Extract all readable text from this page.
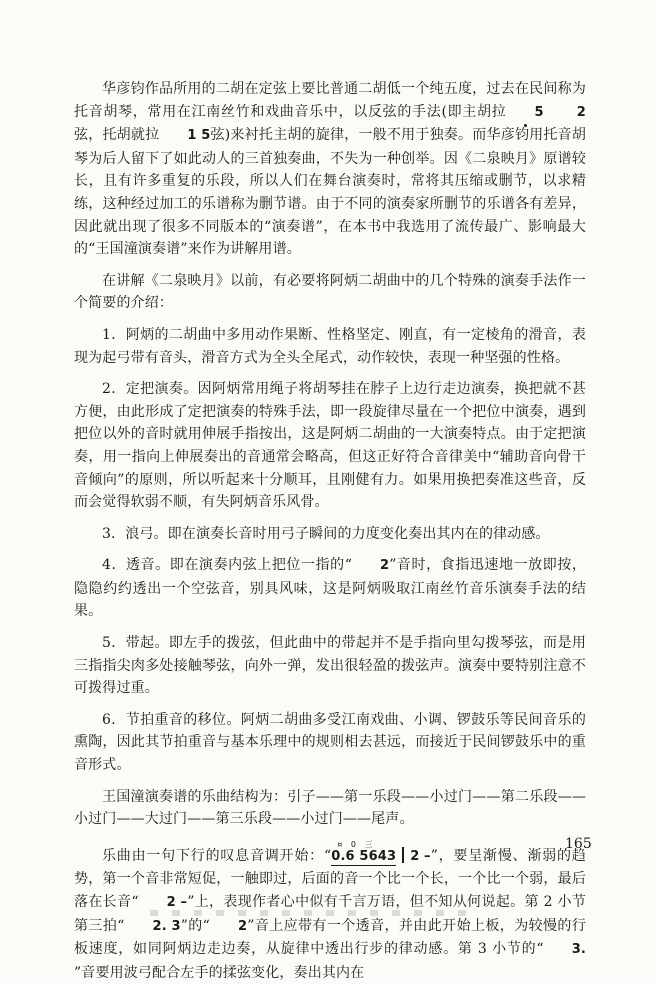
华彦钧作品所用的二胡在定弦上要比普通二胡低一个纯五度，过去在民间称为托音胡琴，常用在江南丝竹和戏曲音乐中，以反弦的手法(即主胡拉 5	2弦，托胡就拉 1 5弦)来衬托主胡的旋律，一般不用于独奏。而华彦钧用托音胡琴为后人留下了如此动人的三首独奏曲，不失为一种创举。因《二泉映月》原谱较长，且有许多重复的乐段，所以人们在舞台演奏时，常将其压缩或删节，以求精练，这种经过加工的乐谱称为删节谱。由于不同的演奏家所删节的乐谱各有差异，因此就出现了很多不同版本的“演奏谱”，在本书中我选用了流传最广、影响最大的“王国潼演奏谱”来作为讲解用谱。

在讲解《二泉映月》以前，有必要将阿炳二胡曲中的几个特殊的演奏手法作一个简要的介绍：

1．阿炳的二胡曲中多用动作果断、性格坚定、刚直，有一定棱角的滑音，表现为起弓带有音头，滑音方式为全头全尾式，动作较快，表现一种坚强的性格。

2．定把演奏。因阿炳常用绳子将胡琴挂在脖子上边行走边演奏，换把就不甚方便，由此形成了定把演奏的特殊手法，即一段旋律尽量在一个把位中演奏，遇到把位以外的音时就用伸展手指按出，这是阿炳二胡曲的一大演奏特点。由于定把演奏，用一指向上伸展奏出的音通常会略高，但这正好符合音律美中“辅助音向骨干音倾向”的原则，所以听起来十分顺耳，且刚健有力。如果用换把奏准这些音，反而会觉得软弱不顺，有失阿炳音乐风骨。

3．浪弓。即在演奏长音时用弓子瞬间的力度变化奏出其内在的律动感。

4．透音。即在演奏内弦上把位一指的“ 2”音时，食指迅速地一放即按，隐隐约约透出一个空弦音，别具风味，这是阿炳吸取江南丝竹音乐演奏手法的结果。

5．带起。即左手的拨弦，但此曲中的带起并不是手指向里勾拨琴弦，而是用三指指尖肉多处接触琴弦，向外一弹，发出很轻盈的拨弦声。演奏中要特别注意不可拨得过重。

6．节拍重音的移位。阿炳二胡曲多受江南戏曲、小调、锣鼓乐等民间音乐的熏陶，因此其节拍重音与基本乐理中的规则相去甚远，而接近于民间锣鼓乐中的重音形式。

王国潼演奏谱的乐曲结构为：引子——第一乐段——小过门——第二乐段——小过门——大过门——第三乐段——小过门——尾声。

乐曲由一句下行的叹息音调开始：“
¤ 0 三
0.6 5643 2 –”，要呈渐慢、渐弱的趋势，第一个音非常短促，一触即过，后面的音一个比一个长，一个比一个弱，最后落在长音“ 2 –”上，表现作者心中似有千言万语，但不知从何说起。第 2 小节第三拍“ 2. 3”的“ 2”音上应带有一个透音，并由此开始上板，为较慢的行板速度，如同阿炳边走边奏，从旋律中透出行步的律动感。第 3 小节的“ 3.”音要用波弓配合左手的揉弦变化，奏出其内在

165
